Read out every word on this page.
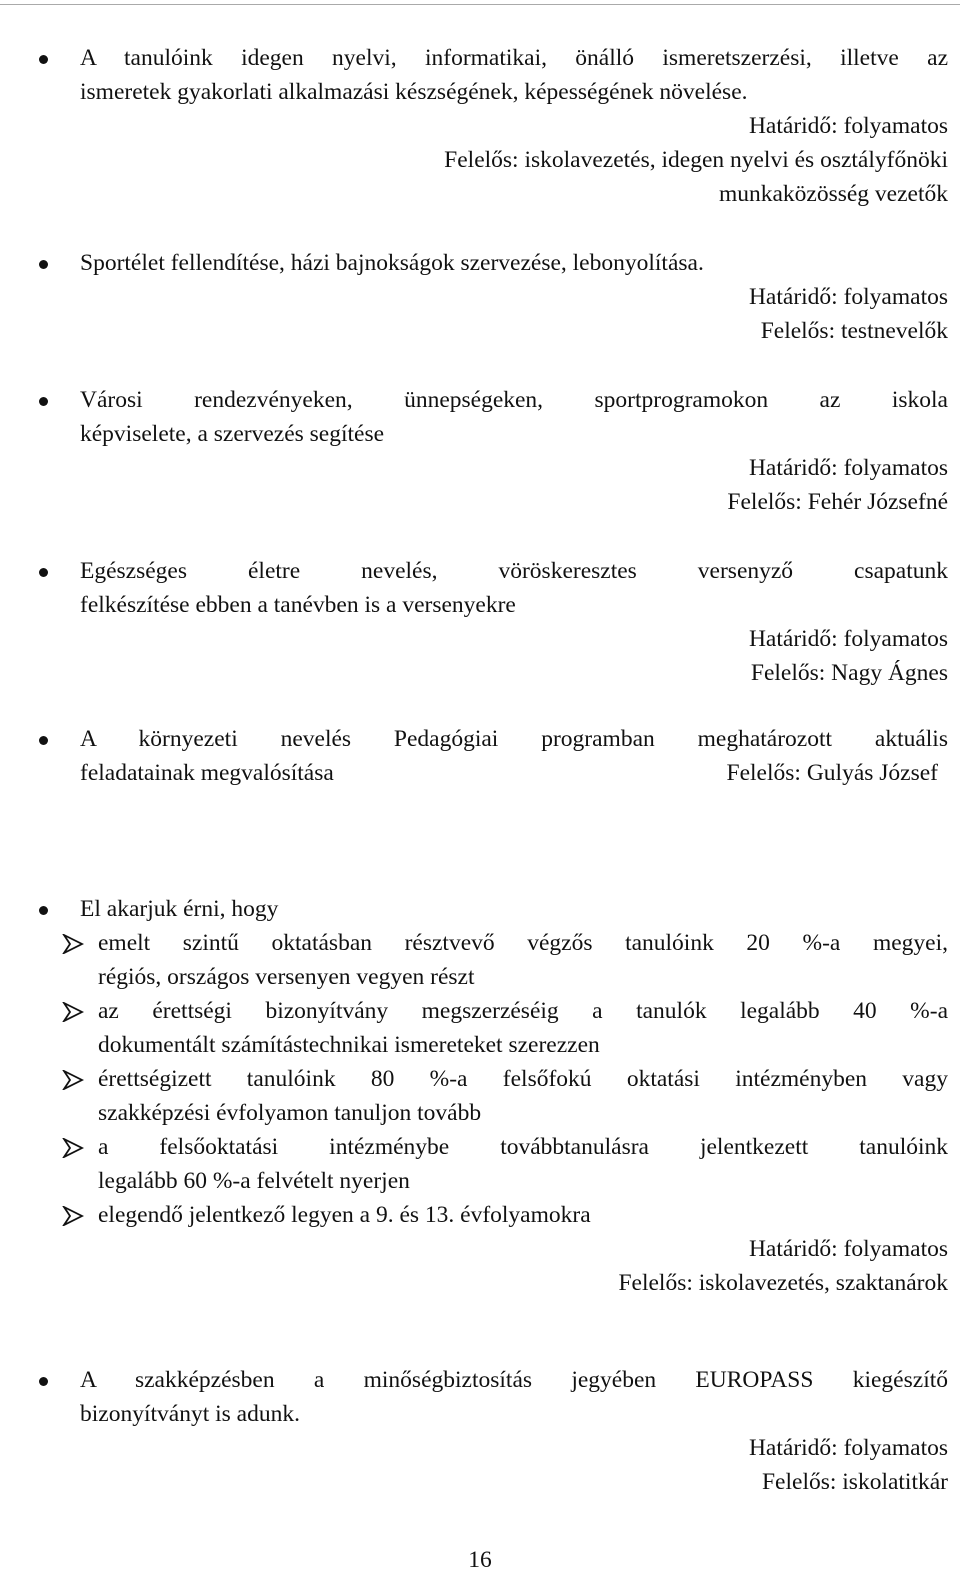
A tanulóink idegen nyelvi, informatikai, önálló ismeretszerzési, illetve az
ismeretek gyakorlati alkalmazási készségének, képességének növelése.
Határidő: folyamatos
Felelős: iskolavezetés, idegen nyelvi és osztályfőnöki
munkaközösség vezetők
Sportélet fellendítése, házi bajnokságok szervezése, lebonyolítása.
Határidő: folyamatos
Felelős: testnevelők
Városi rendezvényeken, ünnepségeken, sportprogramokon az iskola
képviselete, a szervezés segítése
Határidő: folyamatos
Felelős: Fehér Józsefné
Egészséges életre nevelés, vöröskeresztes versenyző csapatunk
felkészítése ebben a tanévben is a versenyekre
Határidő: folyamatos
Felelős: Nagy Ágnes
A környezeti nevelés Pedagógiai programban meghatározott aktuális
feladatainak megvalósítása	Felelős: Gulyás József
El akarjuk érni, hogy
emelt szintű oktatásban résztvevő végzős tanulóink 20 %-a megyei,
régiós, országos versenyen vegyen részt
az érettségi bizonyítvány megszerzéséig a tanulók legalább 40 %-a
dokumentált számítástechnikai ismereteket szerezzen
érettségizett tanulóink 80 %-a felsőfokú oktatási intézményben vagy
szakképzési évfolyamon tanuljon tovább
a felsőoktatási intézménybe továbbtanulásra jelentkezett tanulóink
legalább 60 %-a felvételt nyerjen
elegendő jelentkező legyen a 9. és 13. évfolyamokra
Határidő: folyamatos
Felelős: iskolavezetés, szaktanárok
A szakképzésben a minőségbiztosítás jegyében EUROPASS kiegészítő
bizonyítványt is adunk.
Határidő: folyamatos
Felelős: iskolatitkár
16
